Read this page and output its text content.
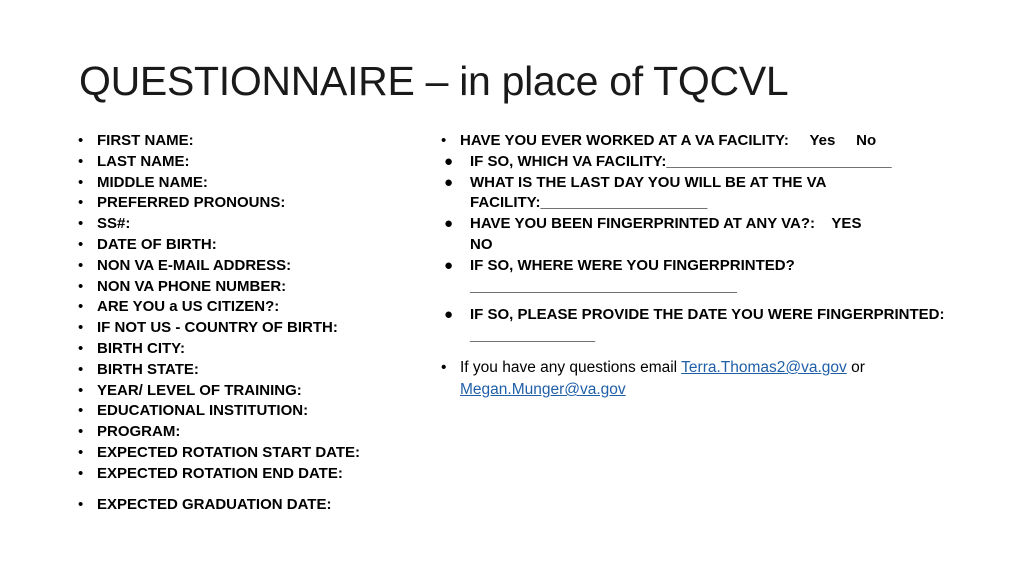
QUESTIONNAIRE – in place of TQCVL
• FIRST NAME:
• LAST NAME:
• MIDDLE NAME:
• PREFERRED PRONOUNS:
• SS#:
• DATE OF BIRTH:
• NON VA E-MAIL ADDRESS:
• NON VA PHONE NUMBER:
• ARE YOU a US CITIZEN?:
• IF NOT US - COUNTRY OF BIRTH:
• BIRTH CITY:
• BIRTH STATE:
• YEAR/ LEVEL OF TRAINING:
• EDUCATIONAL INSTITUTION:
• PROGRAM:
• EXPECTED ROTATION START DATE:
• EXPECTED ROTATION END DATE:
• EXPECTED GRADUATION DATE:
• HAVE YOU EVER WORKED AT A VA FACILITY:     Yes     No
● IF SO, WHICH VA FACILITY:___________________________
● WHAT IS THE LAST DAY YOU WILL BE AT THE VA
FACILITY:____________________
● HAVE YOU BEEN FINGERPRINTED AT ANY VA?:    YES
NO
● IF SO, WHERE WERE YOU FINGERPRINTED?
________________________________
● IF SO, PLEASE PROVIDE THE DATE YOU WERE FINGERPRINTED:
_______________
• If you have any questions email Terra.Thomas2@va.gov or
Megan.Munger@va.gov
